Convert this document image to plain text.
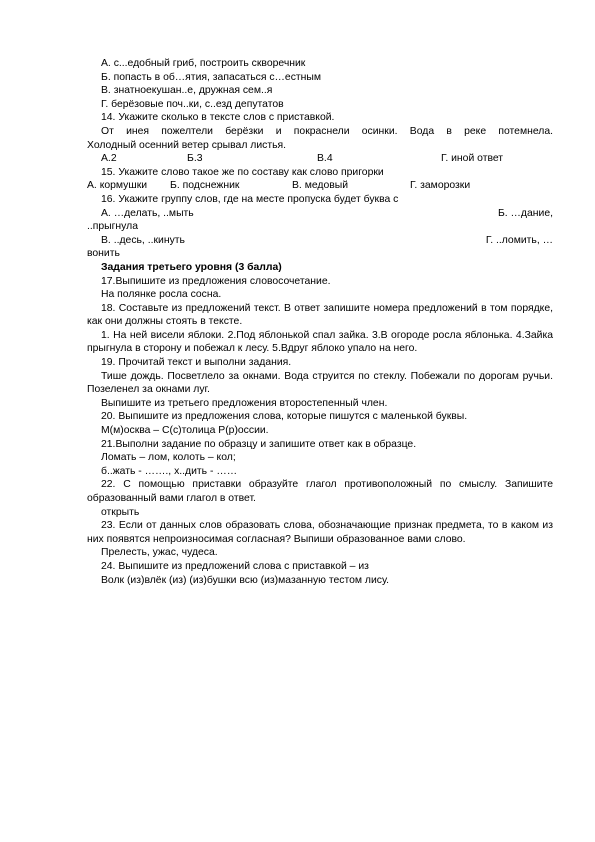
А. с...едобный гриб, построить скворечник
Б. попасть в об…ятия, запасаться с…естным
В. знатноекушан..е, дружная сем..я
Г. берёзовые поч..ки, с..езд депутатов
14. Укажите сколько в тексте слов с приставкой.
От инея пожелтели берёзки и покраснели осинки. Вода в реке потемнела.
Холодный осенний ветер срывал листья.
А.2	Б.3	В.4	Г. иной ответ
15. Укажите слово такое же по составу как слово пригорки
А. кормушки	Б. подснежник	В. медовый	Г. заморозки
16. Укажите группу слов, где на месте пропуска будет буква с
А. …делать, ..мыть	Б. …дание,
..прыгнула
В. ..десь, ..кинуть	Г. ..ломить, …
вонить
Задания третьего уровня (3 балла)
17.Выпишите из предложения словосочетание.
На полянке росла сосна.
18. Составьте из предложений текст. В ответ запишите номера предложений в том порядке, как они должны стоять в тексте.
1. На ней висели яблоки. 2.Под яблонькой спал зайка. 3.В огороде росла яблонька. 4.Зайка прыгнула в сторону и побежал к лесу. 5.Вдруг яблоко упало на него.
19. Прочитай текст и выполни задания.
Тише дождь. Посветлело за окнами. Вода струится по стеклу. Побежали по дорогам ручьи. Позеленел за окнами луг.
Выпишите из третьего предложения второстепенный член.
20. Выпишите из предложения слова, которые пишутся с маленькой буквы.
М(м)осква – С(с)толица Р(р)оссии.
21.Выполни задание по образцу и запишите ответ как в образце.
Ломать – лом, колоть – кол;
б..жать - ……., х..дить - ……
22. С помощью приставки образуйте глагол противоположный по смыслу. Запишите образованный вами глагол в ответ.
открыть
23. Если от данных слов образовать слова, обозначающие признак предмета, то в каком из них появятся непроизносимая согласная? Выпиши образованное вами слово.
Прелесть, ужас, чудеса.
24. Выпишите из предложений слова с приставкой – из
Волк (из)влёк (из) (из)бушки всю (из)мазанную тестом лису.
